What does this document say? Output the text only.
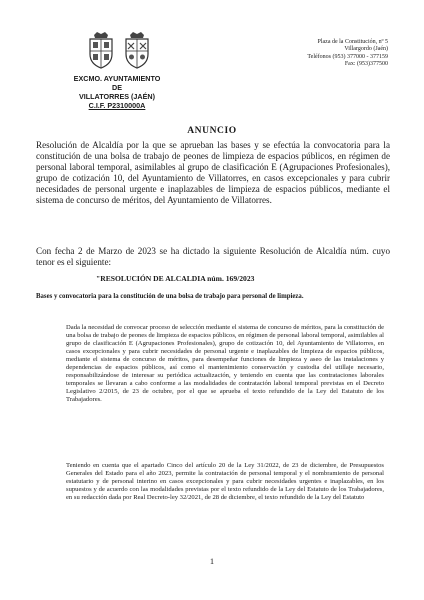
EXCMO. AYUNTAMIENTO
DE
VILLATORRES (JAÉN)
C.I.F. P2310000A
Plaza de la Constitución, nº 5
Villargordo (Jaén)
Teléfonos (953) 377000 - 377159
Fax: (953)377500
ANUNCIO

Resolución de Alcaldía por la que se aprueban las bases y se efectúa la convocatoria para la constitución de una bolsa de trabajo de peones de limpieza de espacios públicos, en régimen de personal laboral temporal, asimilables al grupo de clasificación E (Agrupaciones Profesionales), grupo de cotización 10, del Ayuntamiento de Villatorres, en casos excepcionales y para cubrir necesidades de personal urgente e inaplazables de limpieza de espacios públicos, mediante el sistema de concurso de méritos, del Ayuntamiento de Villatorres.

Con fecha 2 de Marzo de 2023 se ha dictado la siguiente Resolución de Alcaldía núm. cuyo tenor es el siguiente:

"RESOLUCIÓN DE ALCALDIA núm. 169/2023

Bases y convocatoria para la constitución de una bolsa de trabajo para personal de limpieza.

Dada la necesidad de convocar proceso de selección mediante el sistema de concurso de méritos, para la constitución de una bolsa de trabajo de peones de limpieza de espacios públicos, en régimen de personal laboral temporal, asimilables al grupo de clasificación E (Agrupaciones Profesionales), grupo de cotización 10, del Ayuntamiento de Villatorres, en casos excepcionales y para cubrir necesidades de personal urgente e inaplazables de limpieza de espacios públicos, mediante el sistema de concurso de méritos, para desempeñar funciones de limpieza y aseo de las instalaciones y dependencias de espacios públicos, así como el mantenimiento conservación y custodia del utillaje necesario, responsabilizándose de interesar su periódica actualización, y teniendo en cuenta que las contrataciones laborales temporales se llevaran a cabo conforme a las modalidades de contratación laboral temporal previstas en el Decreto Legislativo 2/2015, de 23 de octubre, por el que se aprueba el texto refundido de la Ley del Estatuto de los Trabajadores.

Teniendo en cuenta que el apartado Cinco del artículo 20 de la Ley 31/2022, de 23 de diciembre, de Presupuestos Generales del Estado para el año 2023, permite la contratación de personal temporal y el nombramiento de personal estatutario y de personal interino en casos excepcionales y para cubrir necesidades urgentes e inaplazables, en los supuestos y de acuerdo con las modalidades previstas por el texto refundido de la Ley del Estatuto de los Trabajadores, en su redacción dada por Real Decreto-ley 32/2021, de 28 de diciembre, el texto refundido de la Ley del Estatuto

1
